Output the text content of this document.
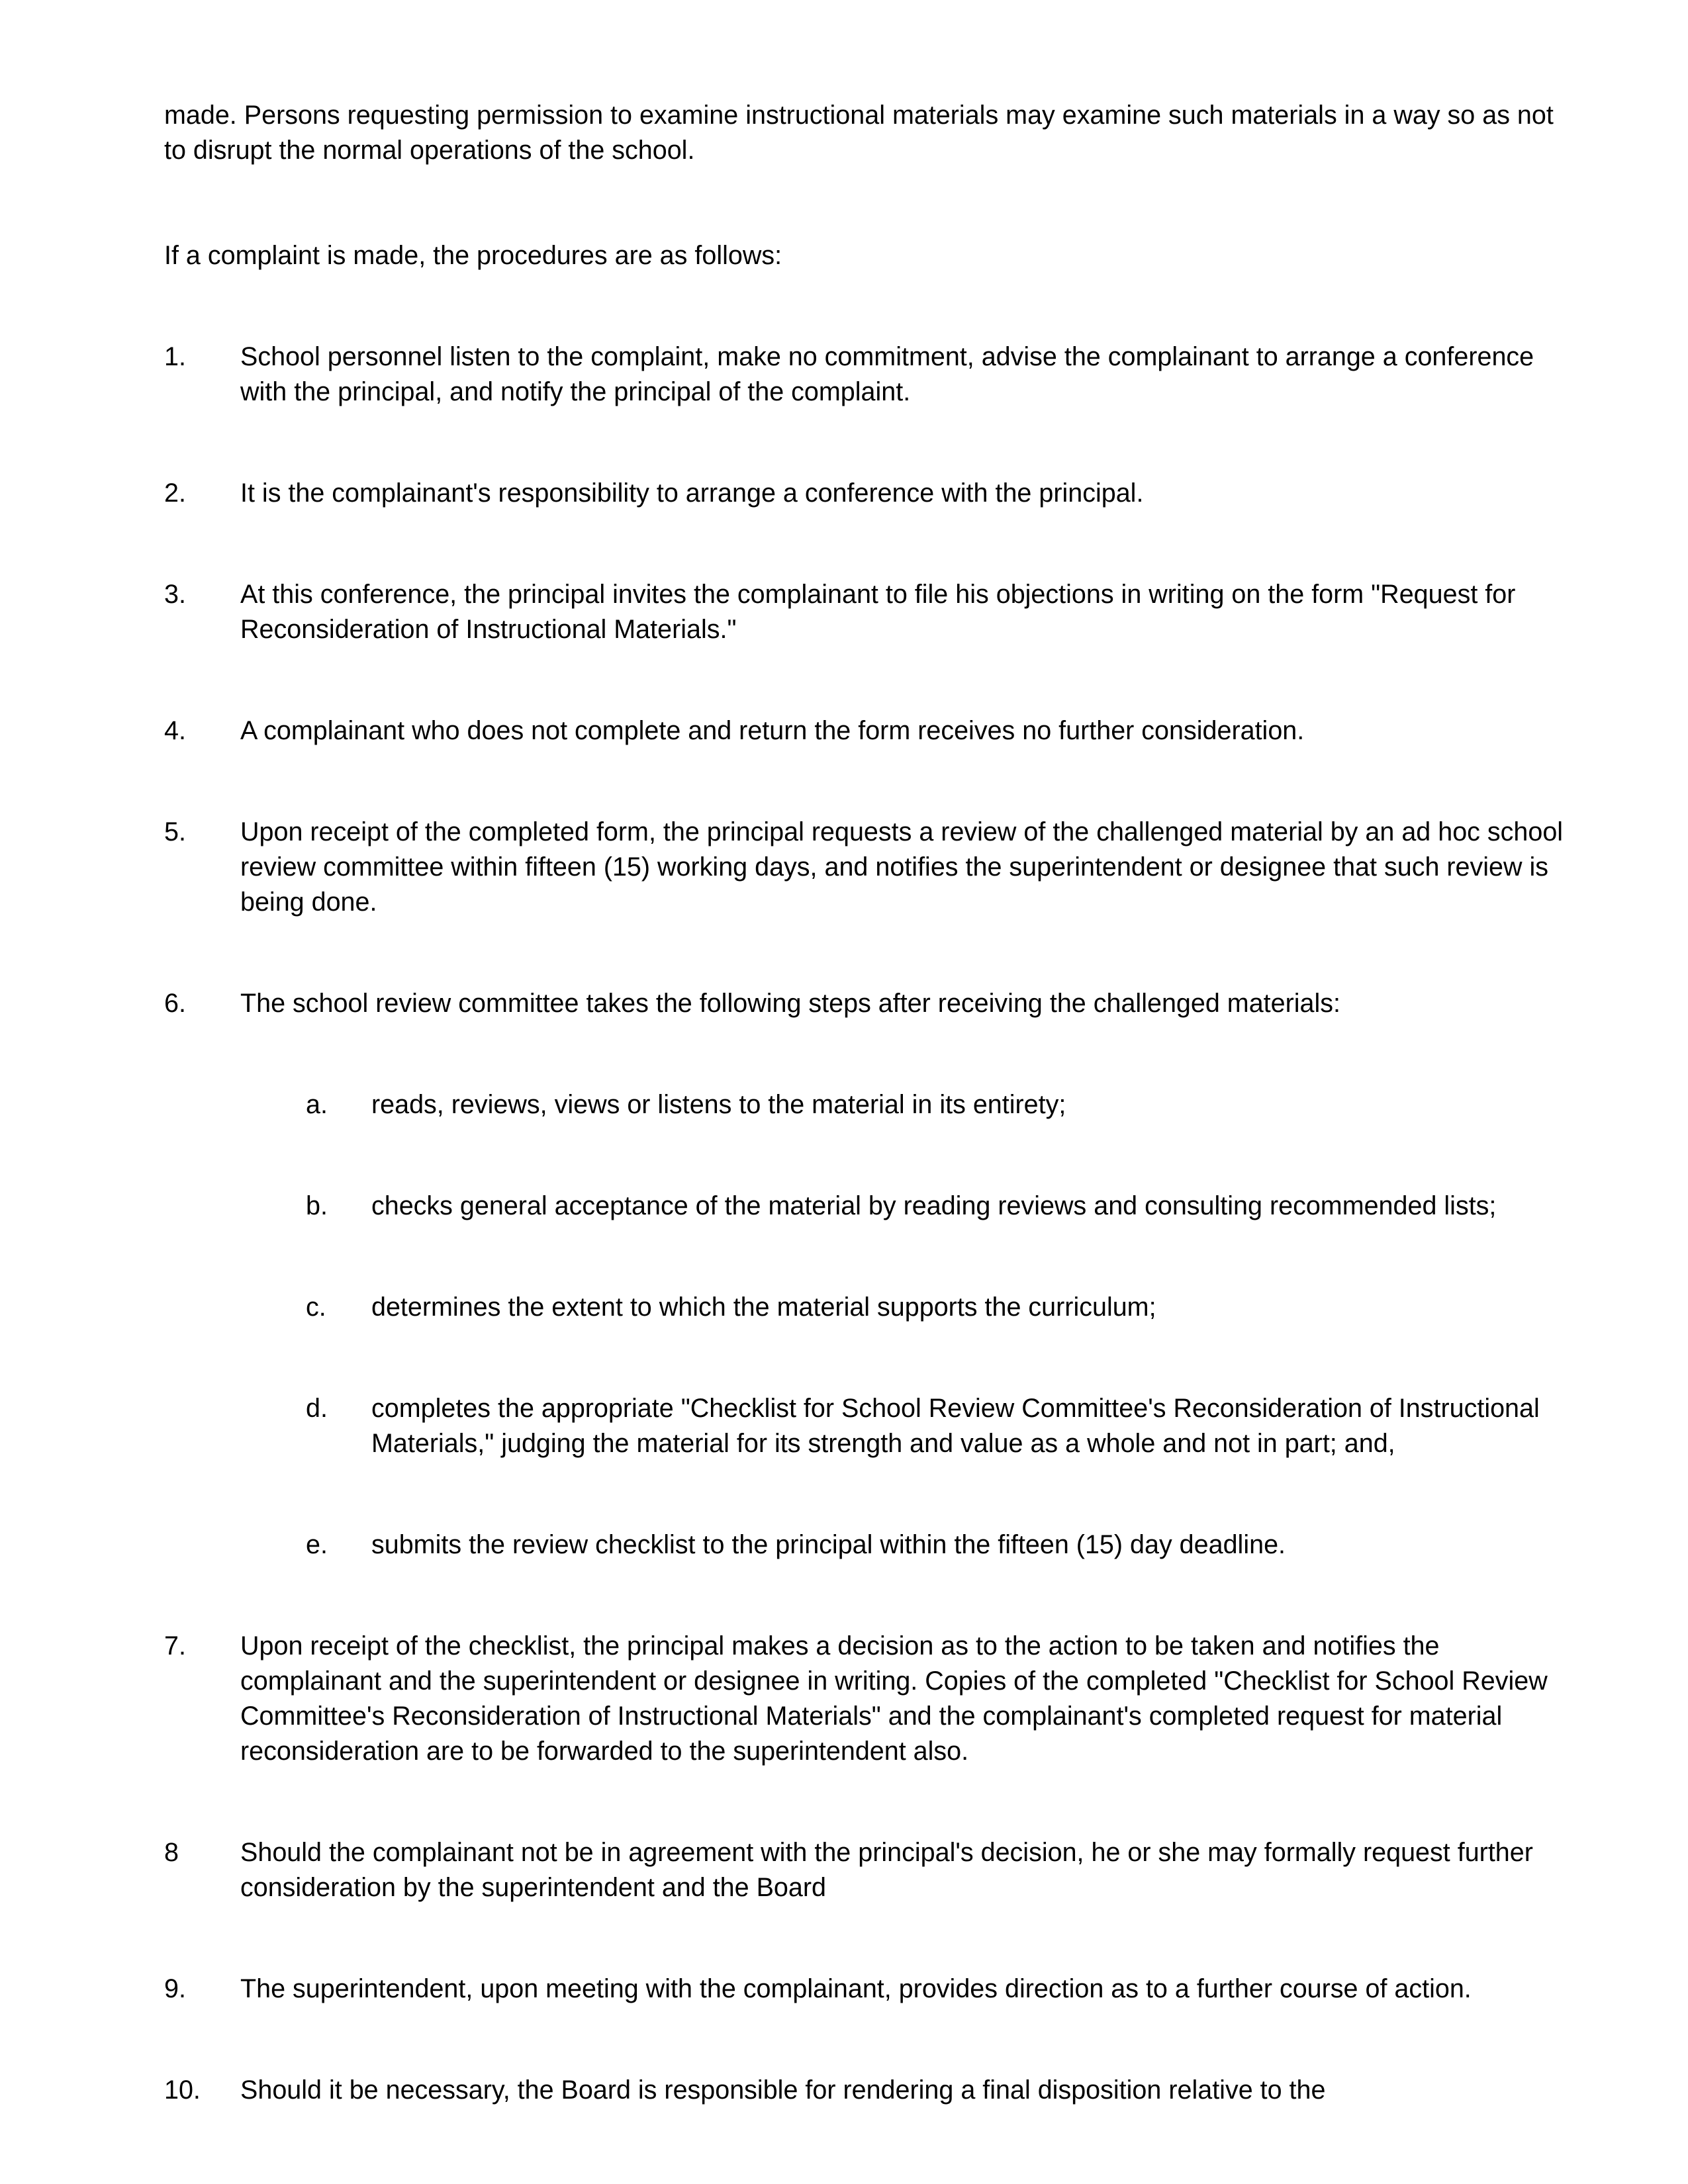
made. Persons requesting permission to examine instructional materials may examine such materials in a way so as not to disrupt the normal operations of the school.

If a complaint is made, the procedures are as follows:

1.	School personnel listen to the complaint, make no commitment, advise the complainant to arrange a conference with the principal, and notify the principal of the complaint.
2.	It is the complainant's responsibility to arrange a conference with the principal.
3.	At this conference, the principal invites the complainant to file his objections in writing on the form "Request for Reconsideration of Instructional Materials."
4.	A complainant who does not complete and return the form receives no further consideration.
5.	Upon receipt of the completed form, the principal requests a review of the challenged material by an ad hoc school review committee within fifteen (15) working days, and notifies the superintendent or designee that such review is being done.
6.	The school review committee takes the following steps after receiving the challenged materials:
a.	reads, reviews, views or listens to the material in its entirety;
b.	checks general acceptance of the material by reading reviews and consulting recommended lists;
c.	determines the extent to which the material supports the curriculum;
d.	completes the appropriate "Checklist for School Review Committee's Reconsideration of Instructional Materials," judging the material for its strength and value as a whole and not in part; and,
e.	submits the review checklist to the principal within the fifteen (15) day deadline.
7.	Upon receipt of the checklist, the principal makes a decision as to the action to be taken and notifies the complainant and the superintendent or designee in writing. Copies of the completed "Checklist for School Review Committee's Reconsideration of Instructional Materials" and the complainant's completed request for material reconsideration are to be forwarded to the superintendent also.
8	Should the complainant not be in agreement with the principal's decision, he or she may formally request further consideration by the superintendent and the Board
9.	The superintendent, upon meeting with the complainant, provides direction as to a further course of action.
10.	Should it be necessary, the Board is responsible for rendering a final disposition relative to the
